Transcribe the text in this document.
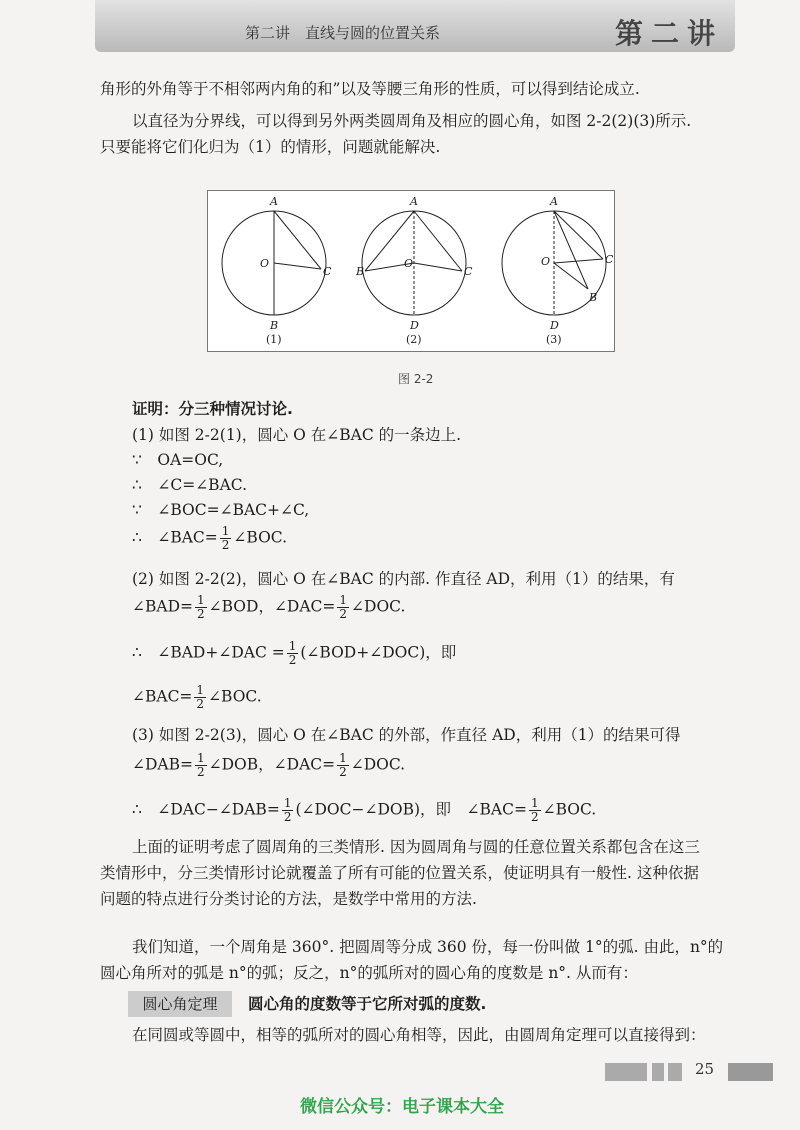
第二讲　直线与圆的位置关系	第二讲
角形的外角等于不相邻两内角的和”以及等腰三角形的性质，可以得到结论成立.
以直径为分界线，可以得到另外两类圆周角及相应的圆心角，如图 2-2(2)(3)所示.
只要能将它们化归为（1）的情形，问题就能解决.
证明：分三种情况讨论.
(1) 如图 2-2(1)，圆心 O 在∠BAC 的一条边上.
∵　OA=OC,
∴　∠C=∠BAC.
∵　∠BOC=∠BAC+∠C,
∴　∠BAC= $\frac{1}{2}$ ∠BOC.
(2) 如图 2-2(2)，圆心 O 在∠BAC 的内部. 作直径 AD，利用（1）的结果，有
∠BAD= $\frac{1}{2}$ ∠BOD，∠DAC= $\frac{1}{2}$ ∠DOC.
∴　∠BAD+∠DAC = $\frac{1}{2}$ (∠BOD+∠DOC)，即
∠BAC= $\frac{1}{2}$ ∠BOC.
(3) 如图 2-2(3)，圆心 O 在∠BAC 的外部，作直径 AD，利用（1）的结果可得
∠DAB= $\frac{1}{2}$ ∠DOB，∠DAC= $\frac{1}{2}$ ∠DOC.
∴　∠DAC−∠DAB= $\frac{1}{2}$ (∠DOC−∠DOB)，即　∠BAC= $\frac{1}{2}$ ∠BOC.
上面的证明考虑了圆周角的三类情形. 因为圆周角与圆的任意位置关系都包含在这三
类情形中，分三类情形讨论就覆盖了所有可能的位置关系，使证明具有一般性. 这种依据
问题的特点进行分类讨论的方法，是数学中常用的方法.
我们知道，一个周角是 360°. 把圆周等分成 360 份，每一份叫做 1°的弧. 由此，n°的
圆心角所对的弧是 n°的弧；反之，n°的弧所对的圆心角的度数是 n°. 从而有：
圆心角的度数等于它所对弧的度数.
在同圆或等圆中，相等的弧所对的圆心角相等，因此，由圆周角定理可以直接得到：
圆心角定理
A
O
C
B
(1)
A
O
B	C
D
(2)
A
O	C
B
D
(3)
图 2-2
25
微信公众号：电子课本大全
